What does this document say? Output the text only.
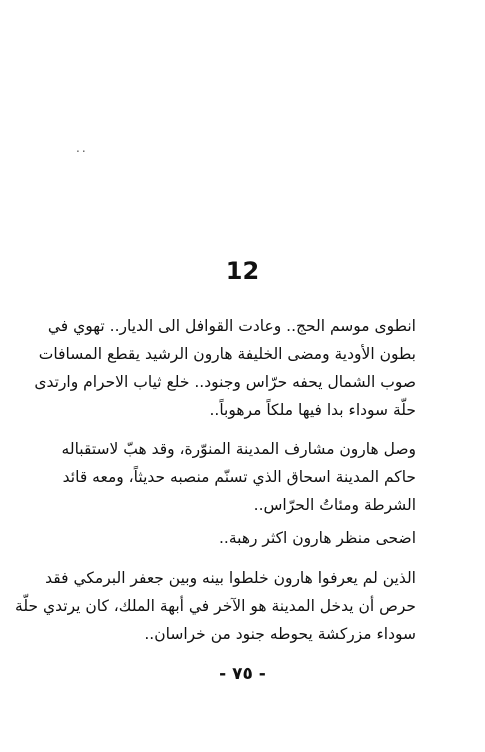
..
12
انطوى موسم الحج.. وعادت القوافل الى الديار.. تهوي في
بطون الأودية ومضى الخليفة هارون الرشيد يقطع المسافات
صوب الشمال يحفه حرّاس وجنود.. خلع ثياب الاحرام وارتدى
حلّة سوداء بدا فيها ملكاً مرهوباً..
وصل هارون مشارف المدينة المنوّرة، وقد هبّ لاستقباله
حاكم المدينة اسحاق الذي تسنّم منصبه حديثاً، ومعه قائد
الشرطة ومئاتُ الحرّاس..
اضحى منظر هارون اكثر رهبة..
الذين لم يعرفوا هارون خلطوا بينه وبين جعفر البرمكي فقد
حرص أن يدخل المدينة هو الآخر في أبهة الملك، كان يرتدي حلّة
سوداء مزركشة يحوطه جنود من خراسان..
- ٧٥ -
